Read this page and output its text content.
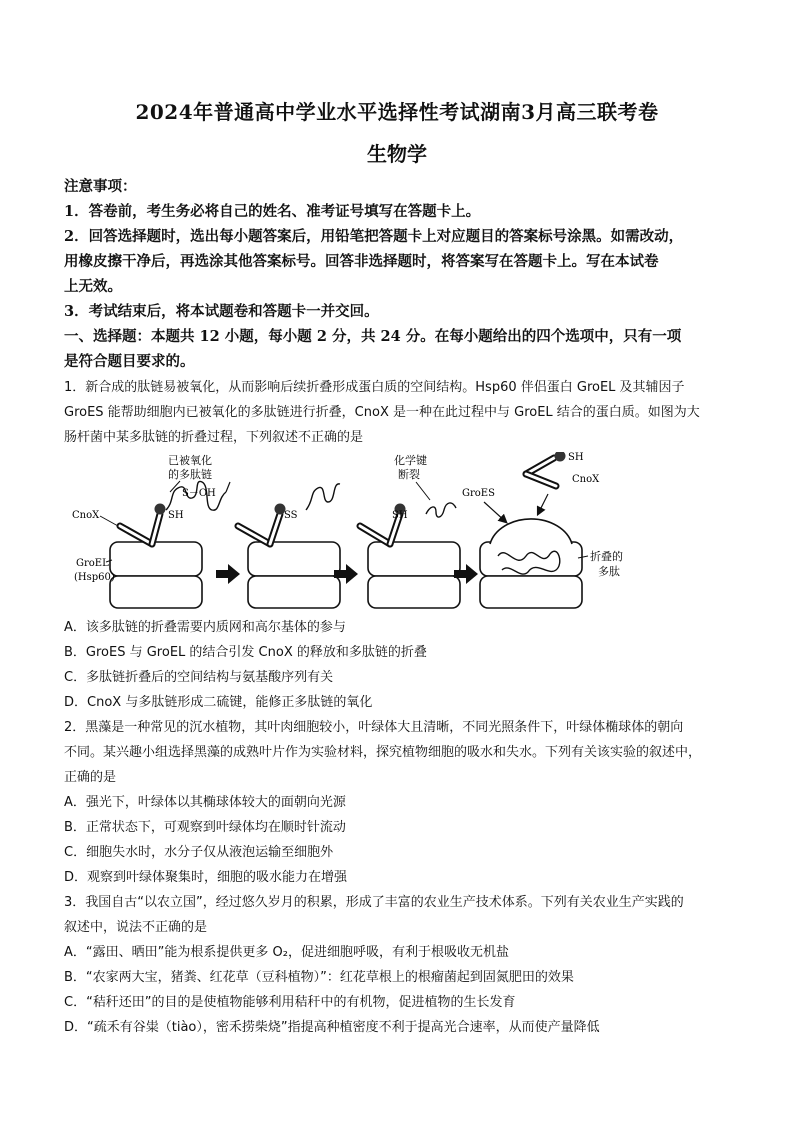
2024年普通高中学业水平选择性考试湖南3月高三联考卷
生物学
注意事项：
1．答卷前，考生务必将自己的姓名、准考证号填写在答题卡上。
2．回答选择题时，选出每小题答案后，用铅笔把答题卡上对应题目的答案标号涂黑。如需改动，
用橡皮擦干净后，再选涂其他答案标号。回答非选择题时，将答案写在答题卡上。写在本试卷
上无效。
3．考试结束后，将本试题卷和答题卡一并交回。
一、选择题：本题共 12 小题，每小题 2 分，共 24 分。在每小题给出的四个选项中，只有一项
是符合题目要求的。
1．新合成的肽链易被氧化，从而影响后续折叠形成蛋白质的空间结构。Hsp60 伴侣蛋白 GroEL 及其辅因子
GroES 能帮助细胞内已被氧化的多肽链进行折叠，CnoX 是一种在此过程中与 GroEL 结合的蛋白质。如图为大
肠杆菌中某多肽链的折叠过程，下列叙述不正确的是
SH
S－OH
已被氧化
的多肽链
CnoX
GroEL
(Hsp60)
SS	SH
化学键
断裂
SH
CnoX
GroES
折叠的
多肽
A．该多肽链的折叠需要内质网和高尔基体的参与
B．GroES 与 GroEL 的结合引发 CnoX 的释放和多肽链的折叠
C．多肽链折叠后的空间结构与氨基酸序列有关
D．CnoX 与多肽链形成二硫键，能修正多肽链的氧化
2．黑藻是一种常见的沉水植物，其叶肉细胞较小，叶绿体大且清晰，不同光照条件下，叶绿体椭球体的朝向
不同。某兴趣小组选择黑藻的成熟叶片作为实验材料，探究植物细胞的吸水和失水。下列有关该实验的叙述中，
正确的是
A．强光下，叶绿体以其椭球体较大的面朝向光源
B．正常状态下，可观察到叶绿体均在顺时针流动
C．细胞失水时，水分子仅从液泡运输至细胞外
D．观察到叶绿体聚集时，细胞的吸水能力在增强
3．我国自古“以农立国”，经过悠久岁月的积累，形成了丰富的农业生产技术体系。下列有关农业生产实践的
叙述中，说法不正确的是
A．“露田、晒田”能为根系提供更多 O₂，促进细胞呼吸，有利于根吸收无机盐
B．“农家两大宝，猪粪、红花草（豆科植物）”：红花草根上的根瘤菌起到固氮肥田的效果
C．“秸秆还田”的目的是使植物能够利用秸秆中的有机物，促进植物的生长发育
D．“疏禾有谷粜（tiào），密禾捞柴烧”指提高种植密度不利于提高光合速率，从而使产量降低
